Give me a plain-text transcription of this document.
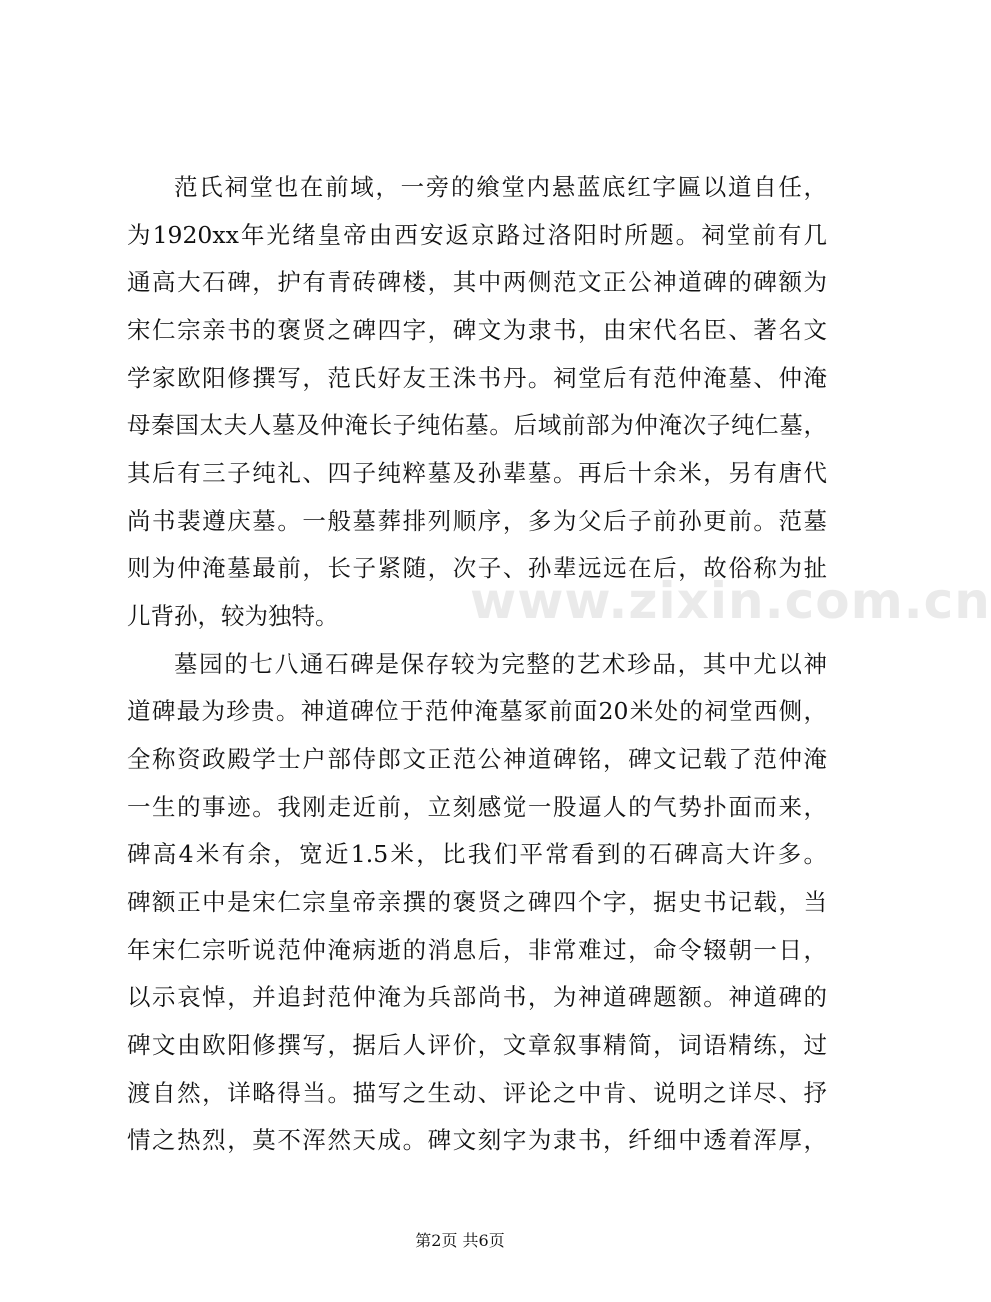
www.zixin.com.cn
范氏祠堂也在前域，一旁的飨堂内悬蓝底红字匾以道自任，
为1920xx年光绪皇帝由西安返京路过洛阳时所题。祠堂前有几
通高大石碑，护有青砖碑楼，其中两侧范文正公神道碑的碑额为
宋仁宗亲书的褒贤之碑四字，碑文为隶书，由宋代名臣、著名文
学家欧阳修撰写，范氏好友王洙书丹。祠堂后有范仲淹墓、仲淹
母秦国太夫人墓及仲淹长子纯佑墓。后域前部为仲淹次子纯仁墓，
其后有三子纯礼、四子纯粹墓及孙辈墓。再后十余米，另有唐代
尚书裴遵庆墓。一般墓葬排列顺序，多为父后子前孙更前。范墓
则为仲淹墓最前，长子紧随，次子、孙辈远远在后，故俗称为扯
儿背孙，较为独特。
墓园的七八通石碑是保存较为完整的艺术珍品，其中尤以神
道碑最为珍贵。神道碑位于范仲淹墓冢前面20米处的祠堂西侧，
全称资政殿学士户部侍郎文正范公神道碑铭，碑文记载了范仲淹
一生的事迹。我刚走近前，立刻感觉一股逼人的气势扑面而来，
碑高4米有余，宽近1.5米，比我们平常看到的石碑高大许多。
碑额正中是宋仁宗皇帝亲撰的褒贤之碑四个字，据史书记载，当
年宋仁宗听说范仲淹病逝的消息后，非常难过，命令辍朝一日，
以示哀悼，并追封范仲淹为兵部尚书，为神道碑题额。神道碑的
碑文由欧阳修撰写，据后人评价，文章叙事精简，词语精练，过
渡自然，详略得当。描写之生动、评论之中肯、说明之详尽、抒
情之热烈，莫不浑然天成。碑文刻字为隶书，纤细中透着浑厚，
第2页 共6页
